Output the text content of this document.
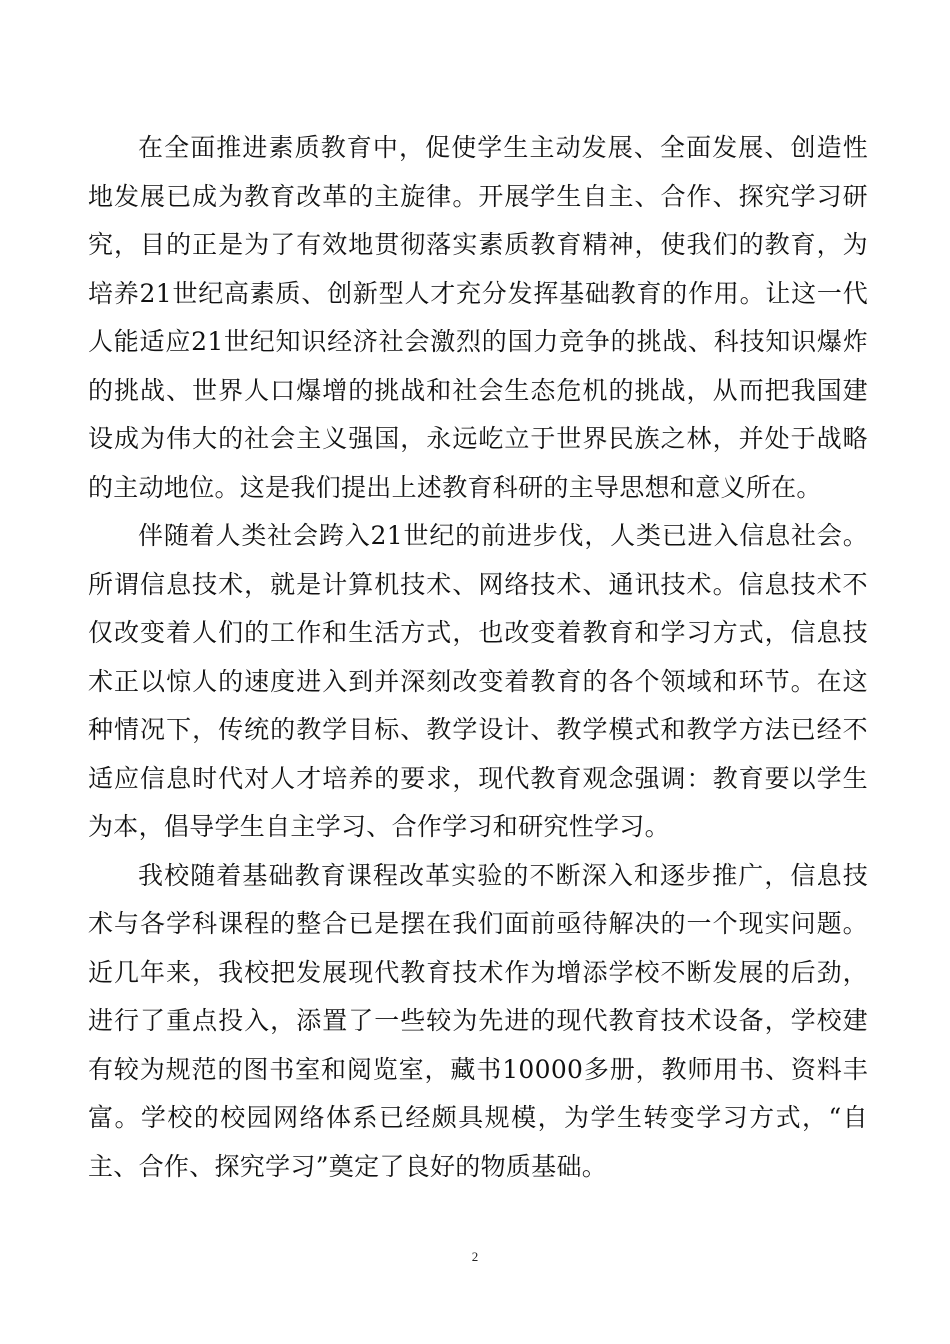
在全面推进素质教育中，促使学生主动发展、全面发展、创造性地发展已成为教育改革的主旋律。开展学生自主、合作、探究学习研究，目的正是为了有效地贯彻落实素质教育精神，使我们的教育，为培养21世纪高素质、创新型人才充分发挥基础教育的作用。让这一代人能适应21世纪知识经济社会激烈的国力竞争的挑战、科技知识爆炸的挑战、世界人口爆增的挑战和社会生态危机的挑战，从而把我国建设成为伟大的社会主义强国，永远屹立于世界民族之林，并处于战略的主动地位。这是我们提出上述教育科研的主导思想和意义所在。

伴随着人类社会跨入21世纪的前进步伐，人类已进入信息社会。所谓信息技术，就是计算机技术、网络技术、通讯技术。信息技术不仅改变着人们的工作和生活方式，也改变着教育和学习方式，信息技术正以惊人的速度进入到并深刻改变着教育的各个领域和环节。在这种情况下，传统的教学目标、教学设计、教学模式和教学方法已经不适应信息时代对人才培养的要求，现代教育观念强调：教育要以学生为本，倡导学生自主学习、合作学习和研究性学习。

我校随着基础教育课程改革实验的不断深入和逐步推广，信息技术与各学科课程的整合已是摆在我们面前亟待解决的一个现实问题。近几年来，我校把发展现代教育技术作为增添学校不断发展的后劲，进行了重点投入，添置了一些较为先进的现代教育技术设备，学校建有较为规范的图书室和阅览室，藏书10000多册，教师用书、资料丰富。学校的校园网络体系已经颇具规模，为学生转变学习方式，“自主、合作、探究学习”奠定了良好的物质基础。

2
